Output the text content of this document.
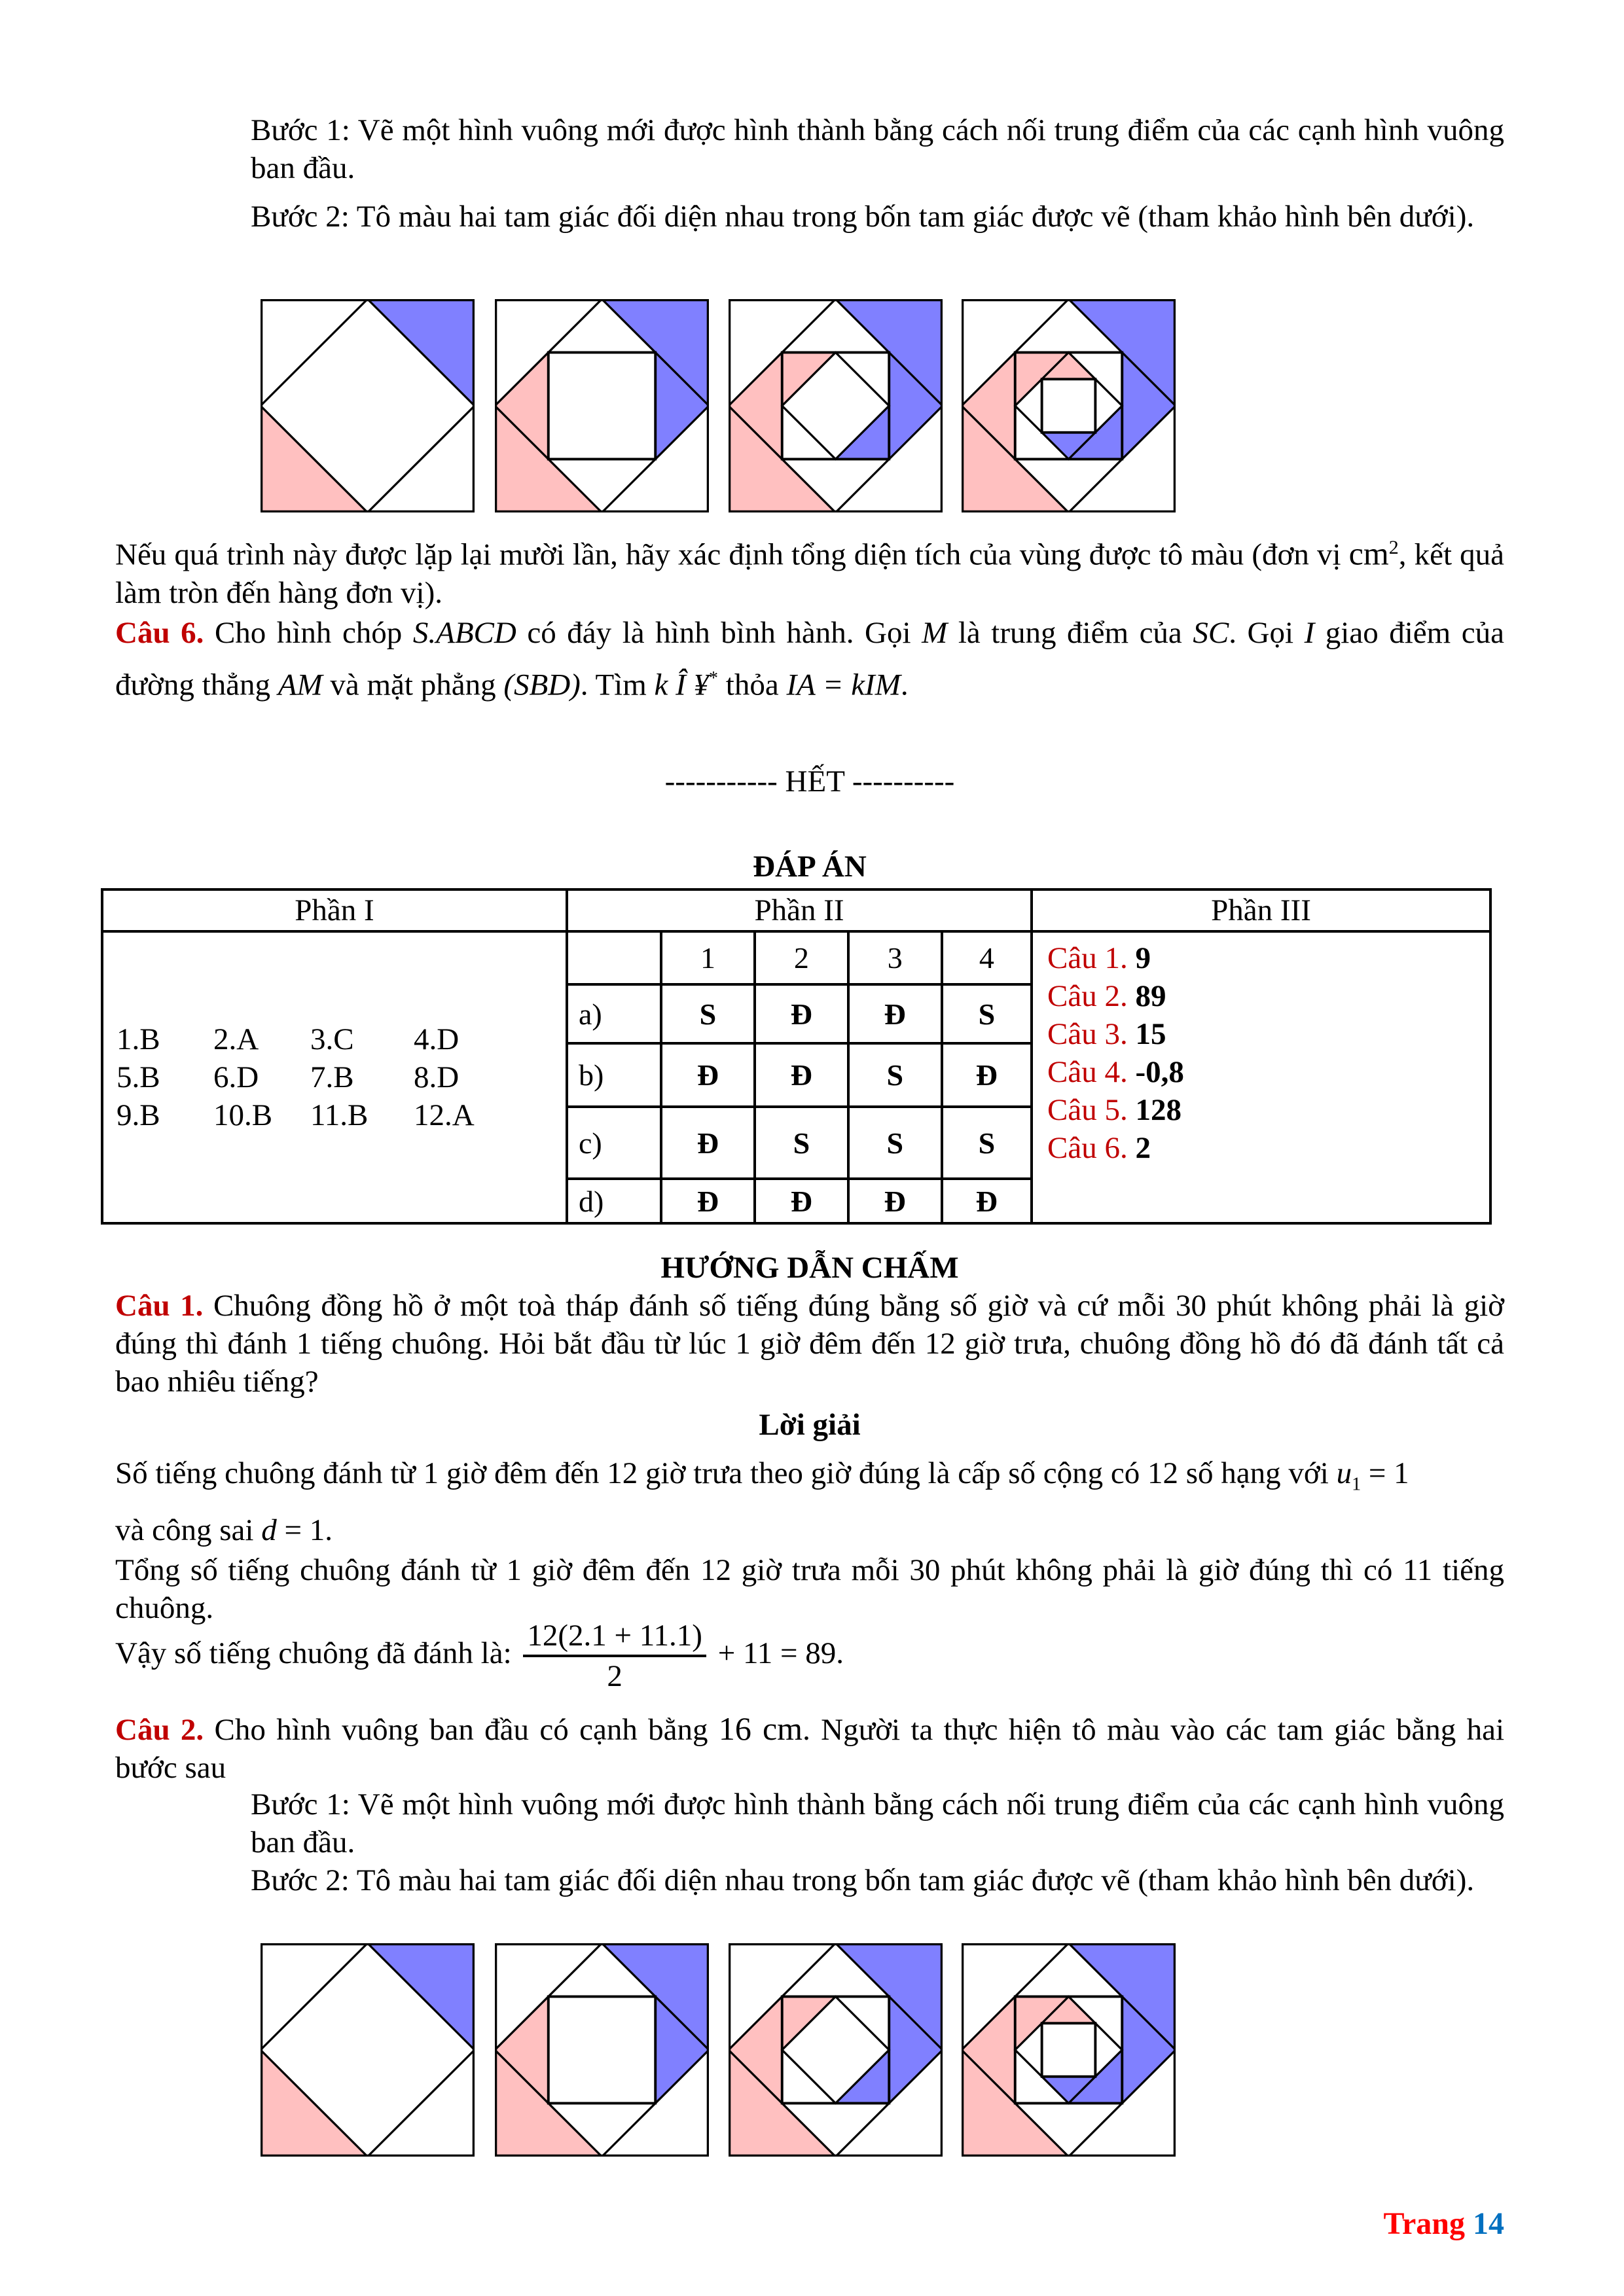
Bước 1: Vẽ một hình vuông mới được hình thành bằng cách nối trung điểm của các cạnh hình vuông ban đầu.
Bước 2: Tô màu hai tam giác đối diện nhau trong bốn tam giác được vẽ (tham khảo hình bên dưới).
Nếu quá trình này được lặp lại mười lần, hãy xác định tổng diện tích của vùng được tô màu (đơn vị $cm^2$, kết quả làm tròn đến hàng đơn vị).
Câu 6. Cho hình chóp S.ABCD có đáy là hình bình hành. Gọi M là trung điểm của SC. Gọi I giao điểm của đường thẳng AM và mặt phẳng (SBD). Tìm k Î ¥* thỏa IA = kIM.
----------- HẾT ----------
ĐÁP ÁN
Phần I	Phần II	Phần III

1.B	2.A	3.C	4.D
5.B	6.D	7.B	8.D
9.B	10.B	11.B	12.A

	1	2	3	4
a)	S	Đ	Đ	S
b)	Đ	Đ	S	Đ
c)	Đ	S	S	S
d)	Đ	Đ	Đ	Đ

Câu 1. 9
Câu 2. 89
Câu 3. 15
Câu 4. -0,8
Câu 5. 128
Câu 6. 2
HƯỚNG DẪN CHẤM
Câu 1. Chuông đồng hồ ở một toà tháp đánh số tiếng đúng bằng số giờ và cứ mỗi 30 phút không phải là giờ đúng thì đánh 1 tiếng chuông. Hỏi bắt đầu từ lúc 1 giờ đêm đến 12 giờ trưa, chuông đồng hồ đó đã đánh tất cả bao nhiêu tiếng?
Lời giải
Số tiếng chuông đánh từ 1 giờ đêm đến 12 giờ trưa theo giờ đúng là cấp số cộng có 12 số hạng với $u_1 = 1$
và công sai d = 1.
Tổng số tiếng chuông đánh từ 1 giờ đêm đến 12 giờ trưa mỗi 30 phút không phải là giờ đúng thì có 11 tiếng chuông.
Vậy số tiếng chuông đã đánh là: $\frac{12(2.1 + 11.1)}{2} + 11 = 89$.
Câu 2. Cho hình vuông ban đầu có cạnh bằng 16 cm. Người ta thực hiện tô màu vào các tam giác bằng hai bước sau
Bước 1: Vẽ một hình vuông mới được hình thành bằng cách nối trung điểm của các cạnh hình vuông ban đầu.
Bước 2: Tô màu hai tam giác đối diện nhau trong bốn tam giác được vẽ (tham khảo hình bên dưới).
Trang 14
